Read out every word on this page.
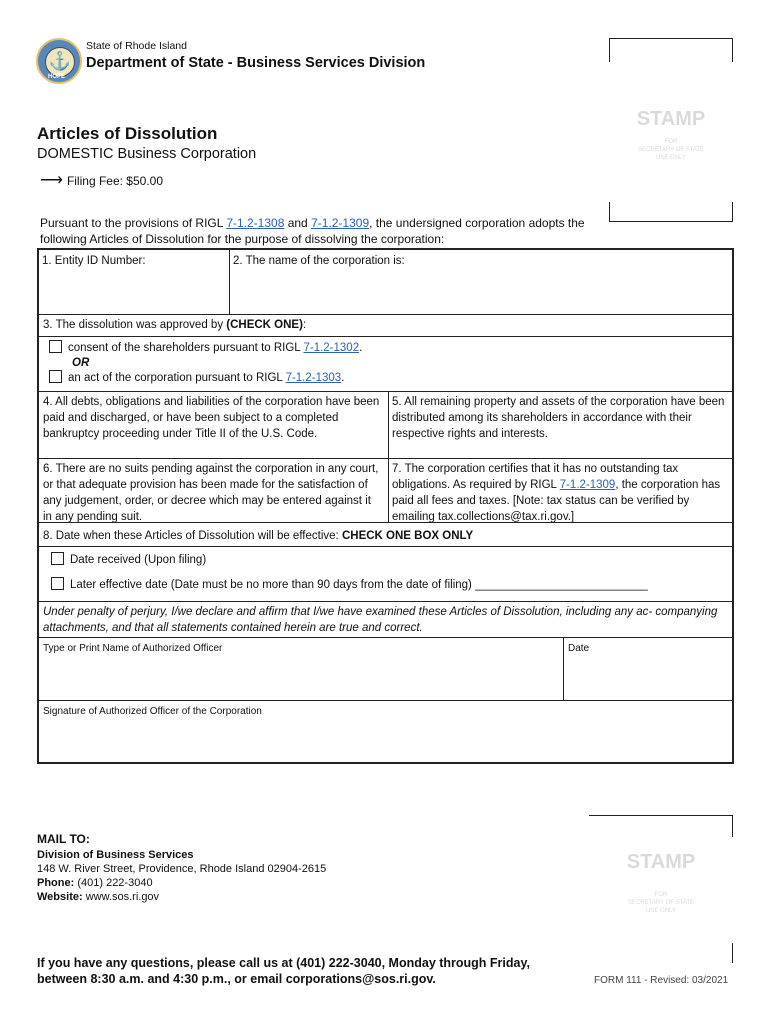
⚓
HOPE
State of Rhode Island
Department of State - Business Services Division
STAMP
FOR
SECRETARY OF STATE
USE ONLY
Articles of Dissolution
DOMESTIC Business Corporation
⟶ Filing Fee: $50.00
Pursuant to the provisions of RIGL 7-1.2-1308 and 7-1.2-1309, the undersigned corporation adopts the following Articles of Dissolution for the purpose of dissolving the corporation:
1. Entity ID Number:	2. The name of the corporation is:
3. The dissolution was approved by (CHECK ONE):
consent of the shareholders pursuant to RIGL 7-1.2-1302.
OR
an act of the corporation pursuant to RIGL 7-1.2-1303.
4. All debts, obligations and liabilities of the corporation have been paid and discharged, or have been subject to a completed bankruptcy proceeding under Title II of the U.S. Code.
5. All remaining property and assets of the corporation have been distributed among its shareholders in accordance with their respective rights and interests.
6. There are no suits pending against the corporation in any court, or that adequate provision has been made for the satisfaction of any judgement, order, or decree which may be entered against it in any pending suit.
7. The corporation certifies that it has no outstanding tax obligations. As required by RIGL 7-1.2-1309, the corporation has paid all fees and taxes. [Note: tax status can be verified by emailing tax.collections@tax.ri.gov.]
8. Date when these Articles of Dissolution will be effective: CHECK ONE BOX ONLY
Date received (Upon filing)
Later effective date (Date must be no more than 90 days from the date of filing) ___________________________
Under penalty of perjury, I/we declare and affirm that I/we have examined these Articles of Dissolution, including any ac- companying attachments, and that all statements contained herein are true and correct.
Type or Print Name of Authorized Officer	Date
Signature of Authorized Officer of the Corporation
MAIL TO:
Division of Business Services
148 W. River Street, Providence, Rhode Island 02904-2615
Phone: (401) 222-3040
Website: www.sos.ri.gov
STAMP
FOR
SECRETARY OF STATE
USE ONLY
If you have any questions, please call us at (401) 222-3040, Monday through Friday, between 8:30 a.m. and 4:30 p.m., or email corporations@sos.ri.gov.	FORM 111 - Revised: 03/2021
